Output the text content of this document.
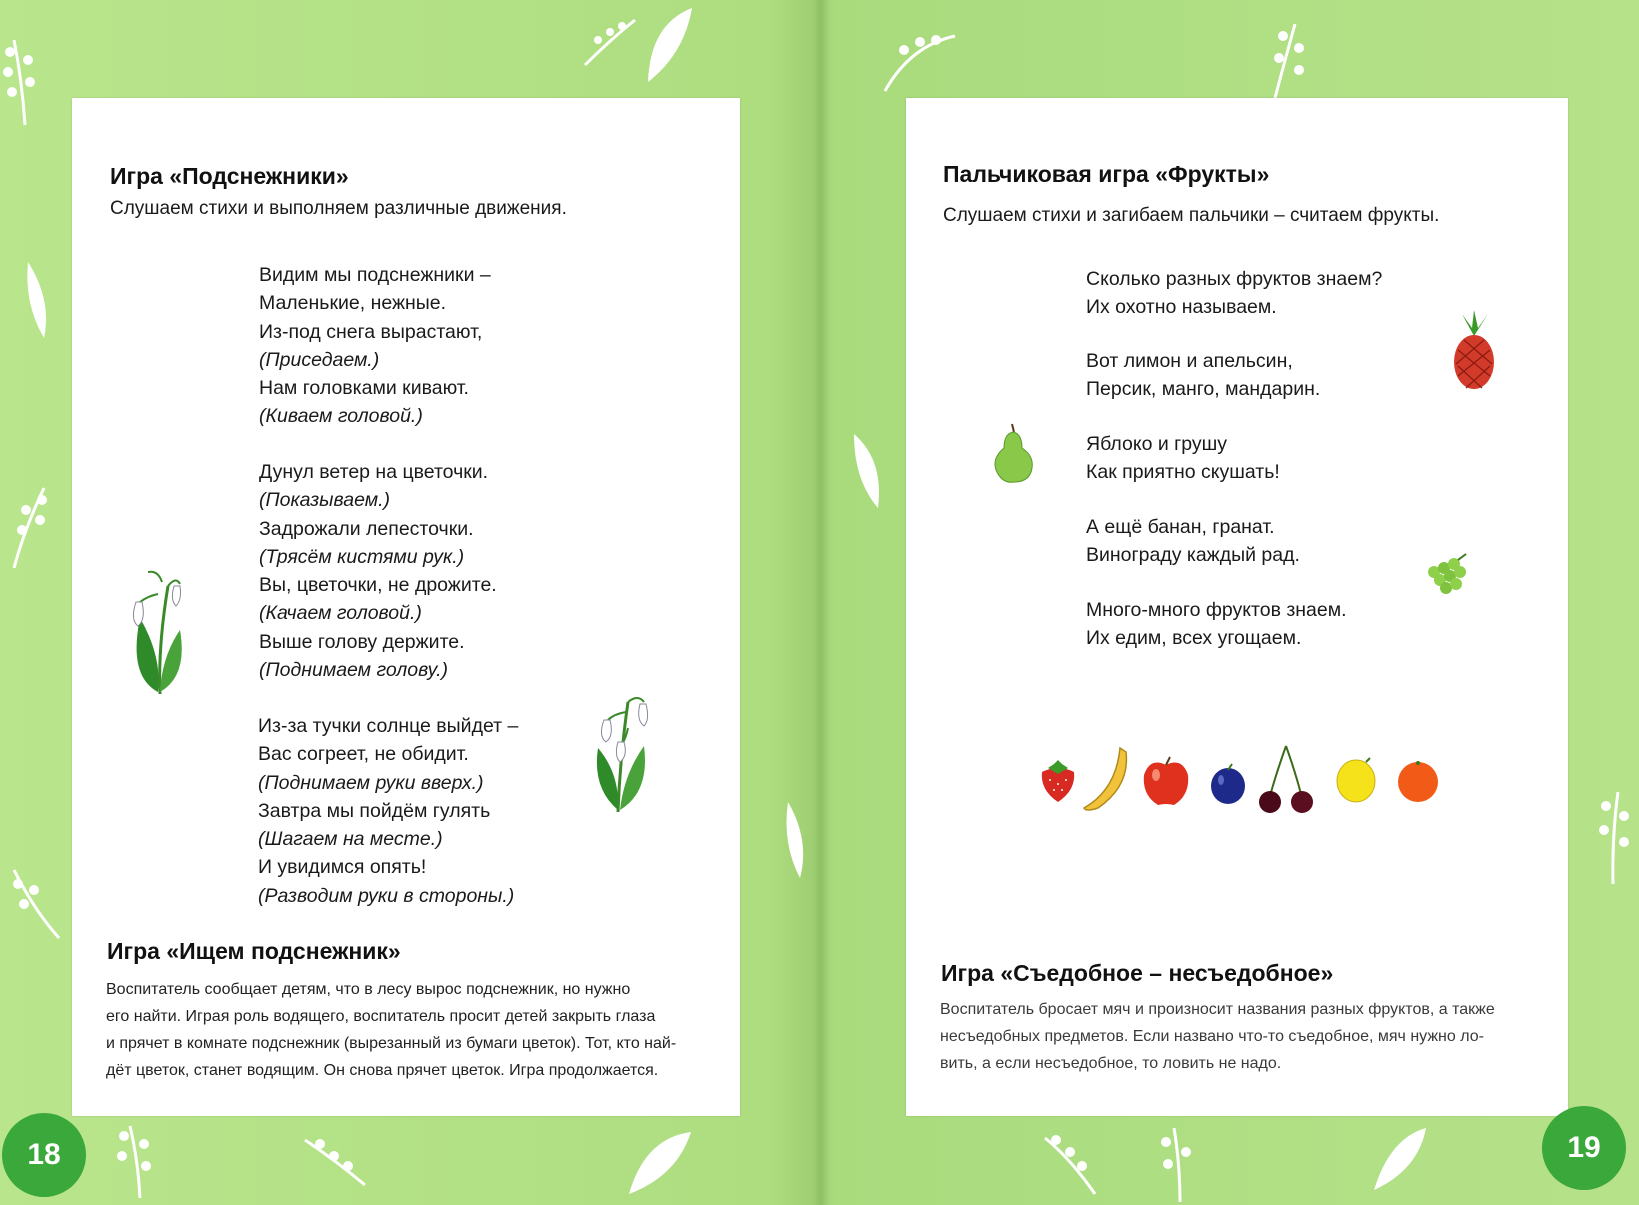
Игра «Подснежники»
Слушаем стихи и выполняем различные движения.
Видим мы подснежники –
Маленькие, нежные.
Из-под снега вырастают,
(Приседаем.)
Нам головками кивают.
(Киваем головой.)
Дунул ветер на цветочки.
(Показываем.)
Задрожали лепесточки.
(Трясём кистями рук.)
Вы, цветочки, не дрожите.
(Качаем головой.)
Выше голову держите.
(Поднимаем голову.)
Из-за тучки солнце выйдет –
Вас согреет, не обидит.
(Поднимаем руки вверх.)
Завтра мы пойдём гулять
(Шагаем на месте.)
И увидимся опять!
(Разводим руки в стороны.)
Игра «Ищем подснежник»
Воспитатель сообщает детям, что в лесу вырос подснежник, но нужно
его найти. Играя роль водящего, воспитатель просит детей закрыть глаза
и прячет в комнате подснежник (вырезанный из бумаги цветок). Тот, кто най-
дёт цветок, станет водящим. Он снова прячет цветок. Игра продолжается.
18
Пальчиковая игра «Фрукты»
Слушаем стихи и загибаем пальчики – считаем фрукты.
Сколько разных фруктов знаем?
Их охотно называем.
Вот лимон и апельсин,
Персик, манго, мандарин.
Яблоко и грушу
Как приятно скушать!
А ещё банан, гранат.
Винограду каждый рад.
Много-много фруктов знаем.
Их едим, всех угощаем.
Игра «Съедобное – несъедобное»
Воспитатель бросает мяч и произносит названия разных фруктов, а также
несъедобных предметов. Если названо что-то съедобное, мяч нужно ло-
вить, а если несъедобное, то ловить не надо.
19
